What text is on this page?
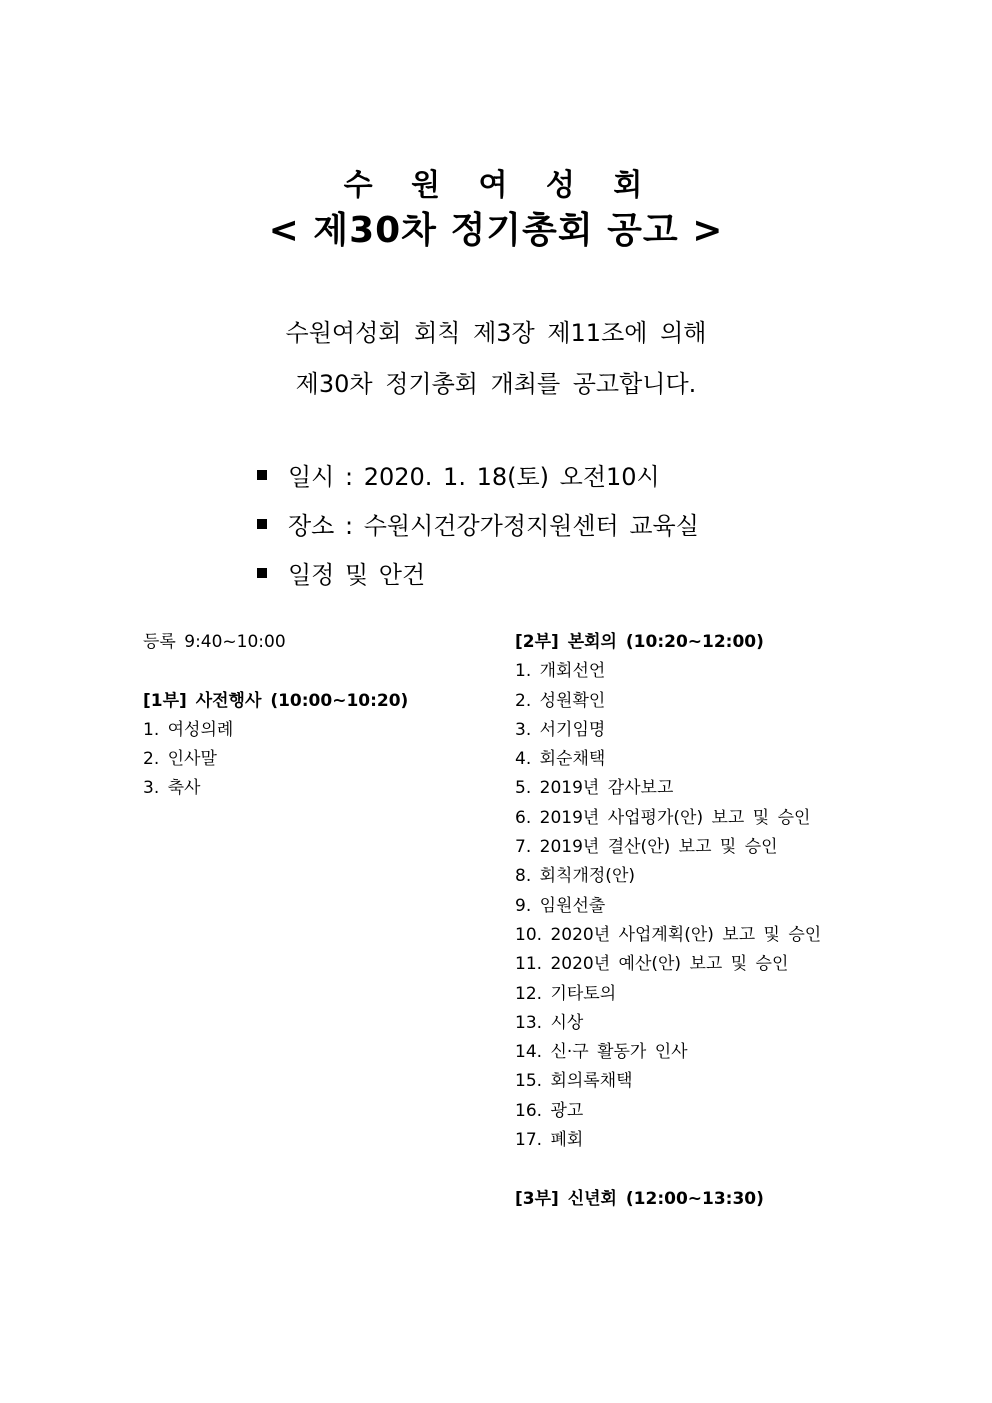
수 원 여 성 회
< 제30차 정기총회 공고 >
수원여성회 회칙 제3장 제11조에 의해
제30차 정기총회 개최를 공고합니다.
일시 : 2020. 1. 18(토) 오전10시
장소 : 수원시건강가정지원센터 교육실
일정 및 안건
등록 9:40~10:00
[1부] 사전행사 (10:00~10:20)
1. 여성의례
2. 인사말
3. 축사
[2부] 본회의 (10:20~12:00)
1. 개회선언
2. 성원확인
3. 서기임명
4. 회순채택
5. 2019년 감사보고
6. 2019년 사업평가(안) 보고 및 승인
7. 2019년 결산(안) 보고 및 승인
8. 회칙개정(안)
9. 임원선출
10. 2020년 사업계획(안) 보고 및 승인
11. 2020년 예산(안) 보고 및 승인
12. 기타토의
13. 시상
14. 신·구 활동가 인사
15. 회의록채택
16. 광고
17. 폐회
[3부] 신년회 (12:00~13:30)
